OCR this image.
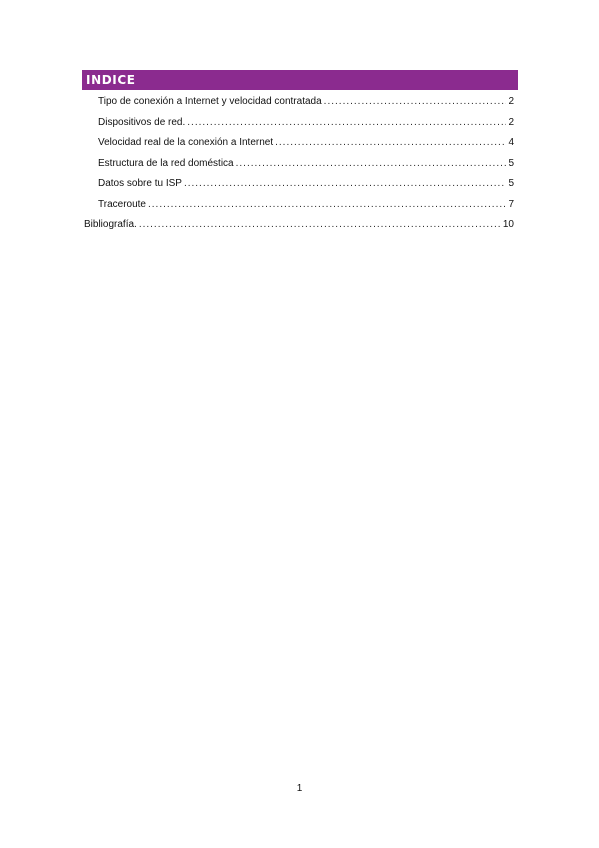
INDICE
Tipo de conexión a Internet y velocidad contratada .....	2
Dispositivos de red. .....	2
Velocidad real de la conexión a Internet .....	4
Estructura de la red doméstica .....	5
Datos sobre tu ISP .....	5
Traceroute .....	7
Bibliografía. .....	10
1
